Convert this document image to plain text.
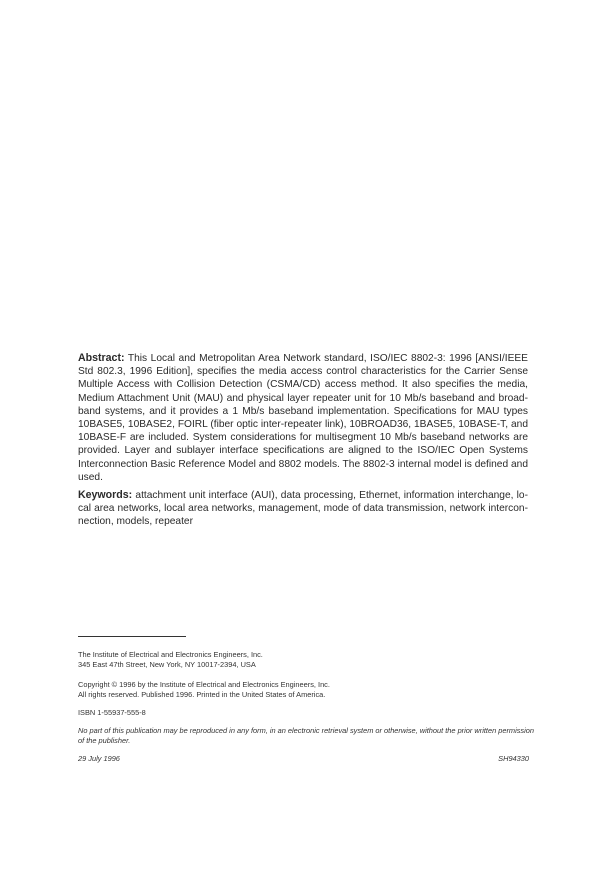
Abstract: This Local and Metropolitan Area Network standard, ISO/IEC 8802-3: 1996 [ANSI/IEEE Std 802.3, 1996 Edition], specifies the media access control characteristics for the Carrier Sense Multiple Access with Collision Detection (CSMA/CD) access method. It also specifies the media, Medium Attachment Unit (MAU) and physical layer repeater unit for 10 Mb/s baseband and broad-band systems, and it provides a 1 Mb/s baseband implementation. Specifications for MAU types 10BASE5, 10BASE2, FOIRL (fiber optic inter-repeater link), 10BROAD36, 1BASE5, 10BASE-T, and 10BASE-F are included. System considerations for multisegment 10 Mb/s baseband networks are provided. Layer and sublayer interface specifications are aligned to the ISO/IEC Open Systems Interconnection Basic Reference Model and 8802 models. The 8802-3 internal model is defined and used.

Keywords: attachment unit interface (AUI), data processing, Ethernet, information interchange, lo-cal area networks, local area networks, management, mode of data transmission, network intercon-nection, models, repeater

The Institute of Electrical and Electronics Engineers, Inc.

345 East 47th Street, New York, NY 10017-2394, USA

Copyright © 1996 by the Institute of Electrical and Electronics Engineers, Inc.

All rights reserved. Published 1996. Printed in the United States of America.

ISBN 1-55937-555-8
No part of this publication may be reproduced in any form, in an electronic retrieval system or otherwise, without the prior written permission of the publisher.
29 July 1996	SH94330
